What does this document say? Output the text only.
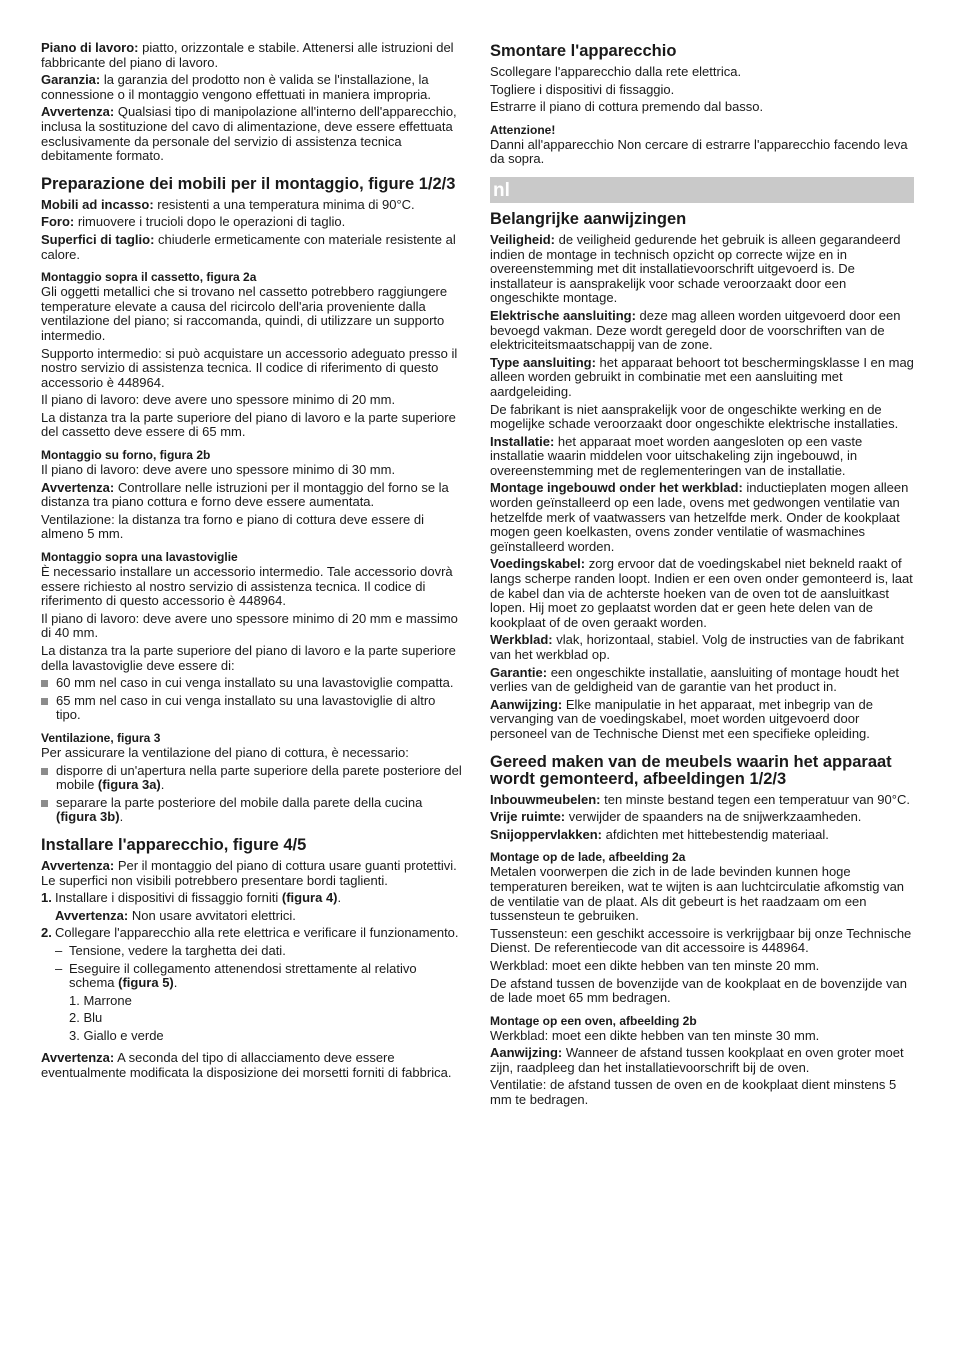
Piano di lavoro: piatto, orizzontale e stabile. Attenersi alle istruzioni del fabbricante del piano di lavoro.

Garanzia: la garanzia del prodotto non è valida se l'installazione, la connessione o il montaggio vengono effettuati in maniera impropria.

Avvertenza: Qualsiasi tipo di manipolazione all'interno dell'apparecchio, inclusa la sostituzione del cavo di alimentazione, deve essere effettuata esclusivamente da personale del servizio di assistenza tecnica debitamente formato.

Preparazione dei mobili per il montaggio, figure 1/2/3

Mobili ad incasso: resistenti a una temperatura minima di 90°C.

Foro: rimuovere i trucioli dopo le operazioni di taglio.

Superfici di taglio: chiuderle ermeticamente con materiale resistente al calore.

Montaggio sopra il cassetto, figura 2a

Gli oggetti metallici che si trovano nel cassetto potrebbero raggiungere temperature elevate a causa del ricircolo dell'aria proveniente dalla ventilazione del piano; si raccomanda, quindi, di utilizzare un supporto intermedio.

Supporto intermedio: si può acquistare un accessorio adeguato presso il nostro servizio di assistenza tecnica. Il codice di riferimento di questo accessorio è 448964.

Il piano di lavoro: deve avere uno spessore minimo di 20 mm.

La distanza tra la parte superiore del piano di lavoro e la parte superiore del cassetto deve essere di 65 mm.

Montaggio su forno, figura 2b

Il piano di lavoro: deve avere uno spessore minimo di 30 mm.

Avvertenza: Controllare nelle istruzioni per il montaggio del forno se la distanza tra piano cottura e forno deve essere aumentata.

Ventilazione: la distanza tra forno e piano di cottura deve essere di almeno 5 mm.

Montaggio sopra una lavastoviglie

È necessario installare un accessorio intermedio. Tale accessorio dovrà essere richiesto al nostro servizio di assistenza tecnica. Il codice di riferimento di questo accessorio è 448964.

Il piano di lavoro: deve avere uno spessore minimo di 20 mm e massimo di 40 mm.

La distanza tra la parte superiore del piano di lavoro e la parte superiore della lavastoviglie deve essere di:

60 mm nel caso in cui venga installato su una lavastoviglie compatta.
65 mm nel caso in cui venga installato su una lavastoviglie di altro tipo.
Ventilazione, figura 3

Per assicurare la ventilazione del piano di cottura, è necessario:

disporre di un'apertura nella parte superiore della parete posteriore del mobile (figura 3a).
separare la parte posteriore del mobile dalla parete della cucina (figura 3b).
Installare l'apparecchio, figure 4/5

Avvertenza: Per il montaggio del piano di cottura usare guanti protettivi. Le superfici non visibili potrebbero presentare bordi taglienti.

1. Installare i dispositivi di fissaggio forniti (figura 4).

Avvertenza: Non usare avvitatori elettrici.

2. Collegare l'apparecchio alla rete elettrica e verificare il funzionamento.
– Tensione, vedere la targhetta dei dati.
– Eseguire il collegamento attenendosi strettamente al relativo schema (figura 5).
1. Marrone
2. Blu
3. Giallo e verde

Avvertenza: A seconda del tipo di allacciamento deve essere eventualmente modificata la disposizione dei morsetti forniti di fabbrica.

Smontare l'apparecchio

Scollegare l'apparecchio dalla rete elettrica.

Togliere i dispositivi di fissaggio.

Estrarre il piano di cottura premendo dal basso.

Attenzione!

Danni all'apparecchio Non cercare di estrarre l'apparecchio facendo leva da sopra.

nl
Belangrijke aanwijzingen

Veiligheid: de veiligheid gedurende het gebruik is alleen gegarandeerd indien de montage in technisch opzicht op correcte wijze en in overeenstemming met dit installatievoorschrift uitgevoerd is. De installateur is aansprakelijk voor schade veroorzaakt door een ongeschikte montage.

Elektrische aansluiting: deze mag alleen worden uitgevoerd door een bevoegd vakman. Deze wordt geregeld door de voorschriften van de elektriciteitsmaatschappij van de zone.

Type aansluiting: het apparaat behoort tot beschermingsklasse I en mag alleen worden gebruikt in combinatie met een aansluiting met aardgeleiding.

De fabrikant is niet aansprakelijk voor de ongeschikte werking en de mogelijke schade veroorzaakt door ongeschikte elektrische installaties.

Installatie: het apparaat moet worden aangesloten op een vaste installatie waarin middelen voor uitschakeling zijn ingebouwd, in overeenstemming met de reglementeringen van de installatie.

Montage ingebouwd onder het werkblad: inductieplaten mogen alleen worden geïnstalleerd op een lade, ovens met gedwongen ventilatie van hetzelfde merk of vaatwassers van hetzelfde merk. Onder de kookplaat mogen geen koelkasten, ovens zonder ventilatie of wasmachines geïnstalleerd worden.

Voedingskabel: zorg ervoor dat de voedingskabel niet bekneld raakt of langs scherpe randen loopt. Indien er een oven onder gemonteerd is, laat de kabel dan via de achterste hoeken van de oven tot de aansluitkast lopen. Hij moet zo geplaatst worden dat er geen hete delen van de kookplaat of de oven geraakt worden.

Werkblad: vlak, horizontaal, stabiel. Volg de instructies van de fabrikant van het werkblad op.

Garantie: een ongeschikte installatie, aansluiting of montage houdt het verlies van de geldigheid van de garantie van het product in.

Aanwijzing: Elke manipulatie in het apparaat, met inbegrip van de vervanging van de voedingskabel, moet worden uitgevoerd door personeel van de Technische Dienst met een specifieke opleiding.

Gereed maken van de meubels waarin het apparaat wordt gemonteerd, afbeeldingen 1/2/3

Inbouwmeubelen: ten minste bestand tegen een temperatuur van 90°C.

Vrije ruimte: verwijder de spaanders na de snijwerkzaamheden.

Snijoppervlakken: afdichten met hittebestendig materiaal.

Montage op de lade, afbeelding 2a

Metalen voorwerpen die zich in de lade bevinden kunnen hoge temperaturen bereiken, wat te wijten is aan luchtcirculatie afkomstig van de ventilatie van de plaat. Als dit gebeurt is het raadzaam om een tussensteun te gebruiken.

Tussensteun: een geschikt accessoire is verkrijgbaar bij onze Technische Dienst. De referentiecode van dit accessoire is 448964.

Werkblad: moet een dikte hebben van ten minste 20 mm.

De afstand tussen de bovenzijde van de kookplaat en de bovenzijde van de lade moet 65 mm bedragen.

Montage op een oven, afbeelding 2b

Werkblad: moet een dikte hebben van ten minste 30 mm.

Aanwijzing: Wanneer de afstand tussen kookplaat en oven groter moet zijn, raadpleeg dan het installatievoorschrift bij de oven.

Ventilatie: de afstand tussen de oven en de kookplaat dient minstens 5 mm te bedragen.
